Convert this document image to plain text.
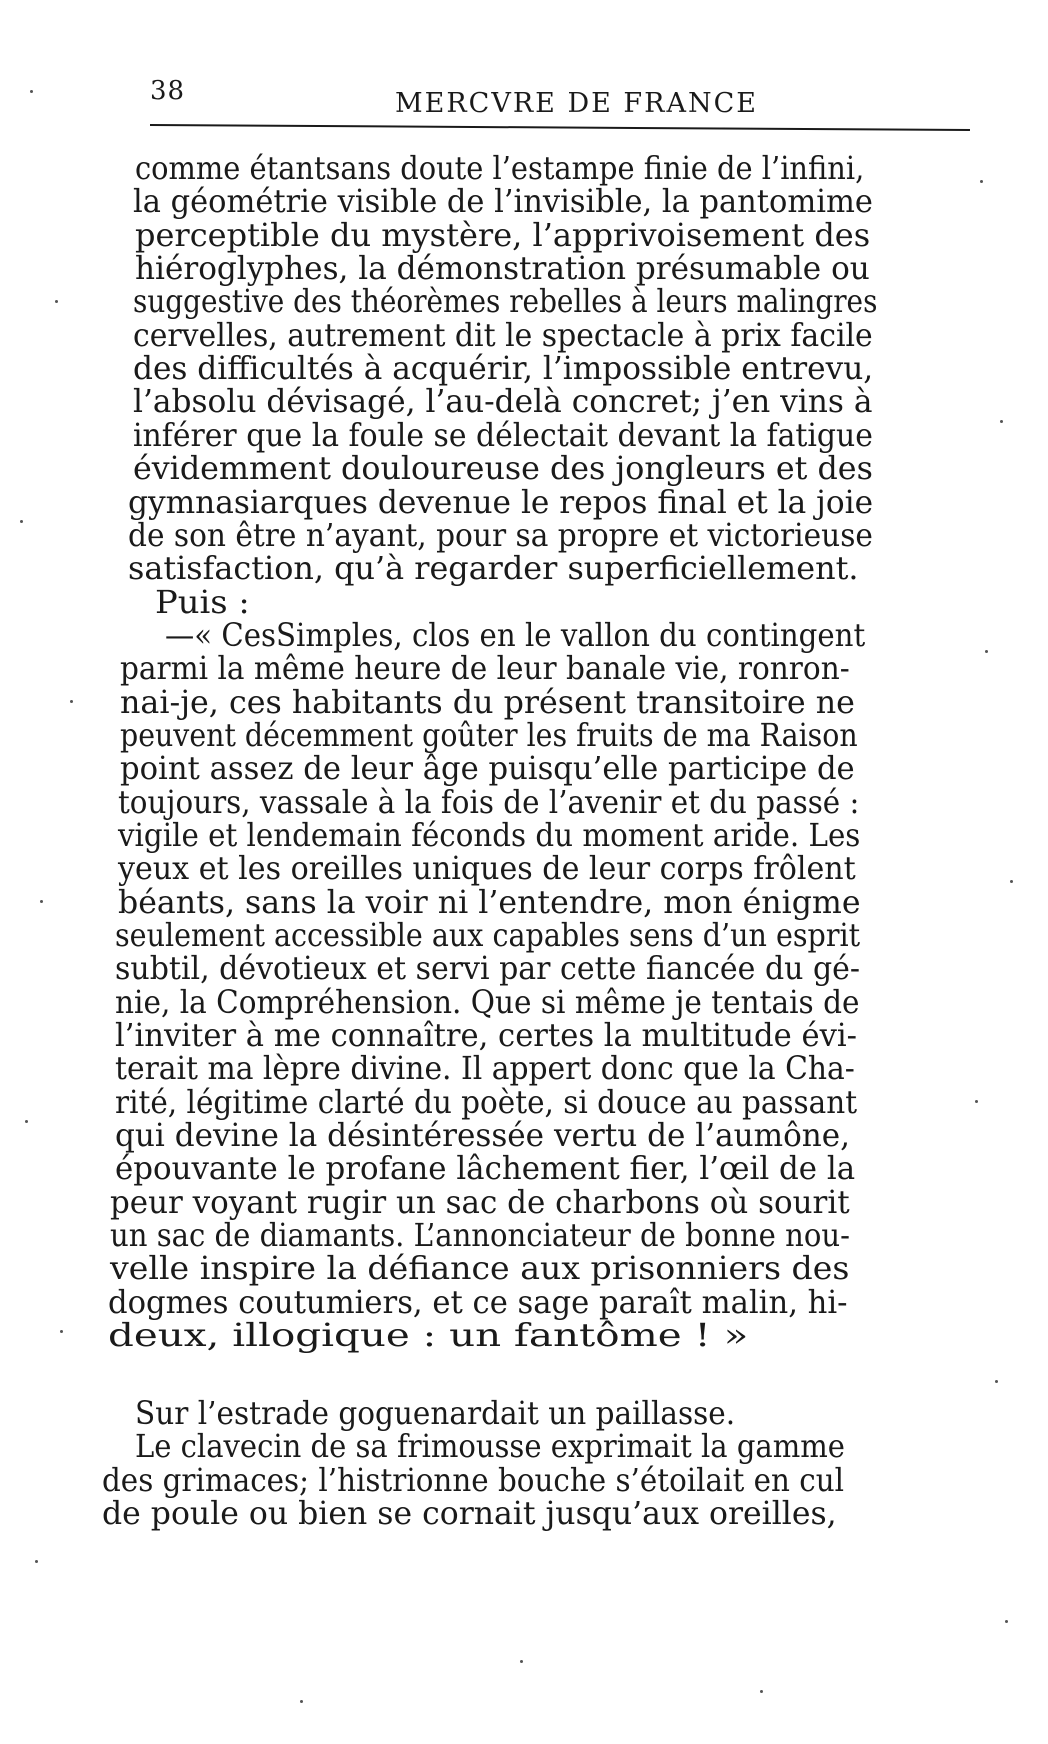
38	MERCVRE DE FRANCE
comme étantsans doute l’estampe finie de l’infini,
la géométrie visible de l’invisible, la pantomime
perceptible du mystère, l’apprivoisement des
hiéroglyphes, la démonstration présumable ou
suggestive des théorèmes rebelles à leurs malingres
cervelles, autrement dit le spectacle à prix facile
des difficultés à acquérir, l’impossible entrevu,
l’absolu dévisagé, l’au-delà concret; j’en vins à
inférer que la foule se délectait devant la fatigue
évidemment douloureuse des jongleurs et des
gymnasiarques devenue le repos final et la joie
de son être n’ayant, pour sa propre et victorieuse
satisfaction, qu’à regarder superficiellement.
Puis :
—« CesSimples, clos en le vallon du contingent
parmi la même heure de leur banale vie, ronron-
nai-je, ces habitants du présent transitoire ne
peuvent décemment goûter les fruits de ma Raison
point assez de leur âge puisqu’elle participe de
toujours, vassale à la fois de l’avenir et du passé :
vigile et lendemain féconds du moment aride. Les
yeux et les oreilles uniques de leur corps frôlent
béants, sans la voir ni l’entendre, mon énigme
seulement accessible aux capables sens d’un esprit
subtil, dévotieux et servi par cette fiancée du gé-
nie, la Compréhension. Que si même je tentais de
l’inviter à me connaître, certes la multitude évi-
terait ma lèpre divine. Il appert donc que la Cha-
rité, légitime clarté du poète, si douce au passant
qui devine la désintéressée vertu de l’aumône,
épouvante le profane lâchement fier, l’œil de la
peur voyant rugir un sac de charbons où sourit
un sac de diamants. L’annonciateur de bonne nou-
velle inspire la défiance aux prisonniers des
dogmes coutumiers, et ce sage paraît malin, hi-
deux, illogique : un fantôme ! »
Sur l’estrade goguenardait un paillasse.
Le clavecin de sa frimousse exprimait la gamme
des grimaces; l’histrionne bouche s’étoilait en cul
de poule ou bien se cornait jusqu’aux oreilles,
